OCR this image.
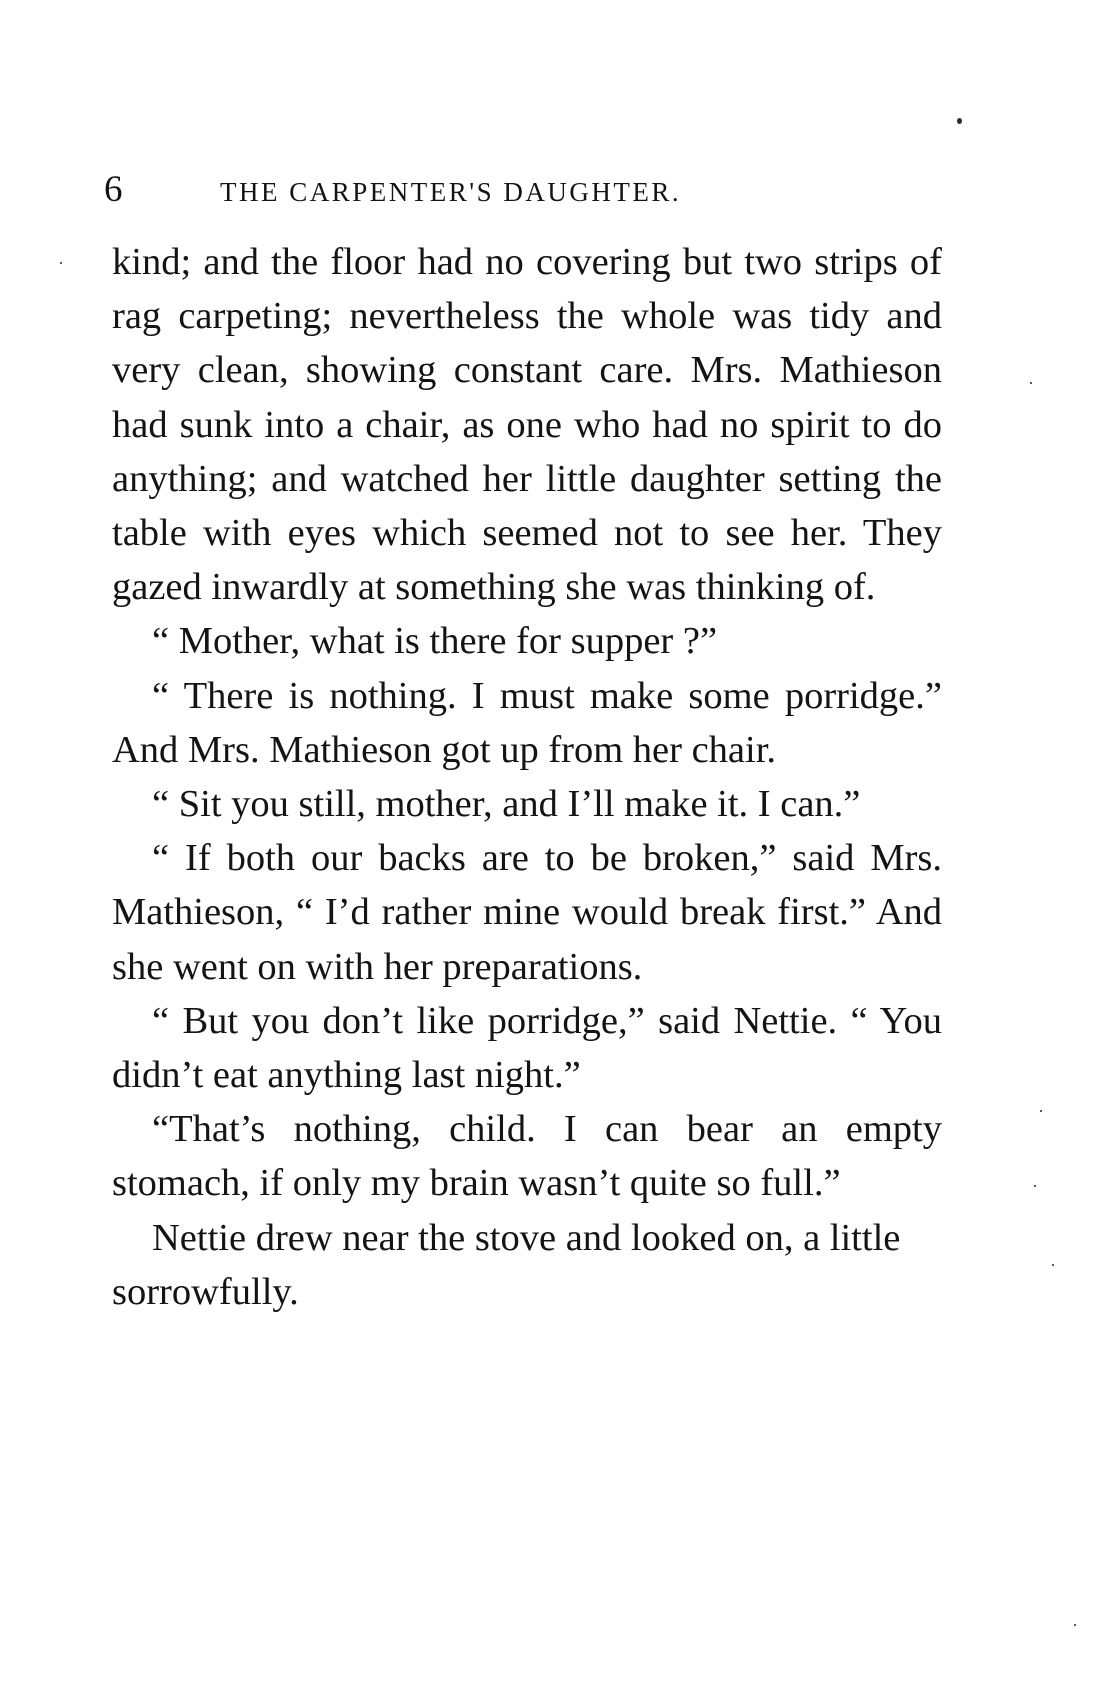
6	THE CARPENTER'S DAUGHTER.

kind; and the floor had no covering but two strips of rag carpeting; nevertheless the whole was tidy and very clean, showing constant care. Mrs. Mathieson had sunk into a chair, as one who had no spirit to do anything; and watched her little daughter setting the table with eyes which seemed not to see her. They gazed inwardly at something she was thinking of.

“ Mother, what is there for supper ?”

“ There is nothing. I must make some porridge.” And Mrs. Mathieson got up from her chair.

“ Sit you still, mother, and I’ll make it. I can.”

“ If both our backs are to be broken,” said Mrs. Mathieson, “ I’d rather mine would break first.” And she went on with her preparations.

“ But you don’t like porridge,” said Nettie. “ You didn’t eat anything last night.”

“That’s nothing, child. I can bear an empty stomach, if only my brain wasn’t quite so full.”

Nettie drew near the stove and looked on, a little sorrowfully.
